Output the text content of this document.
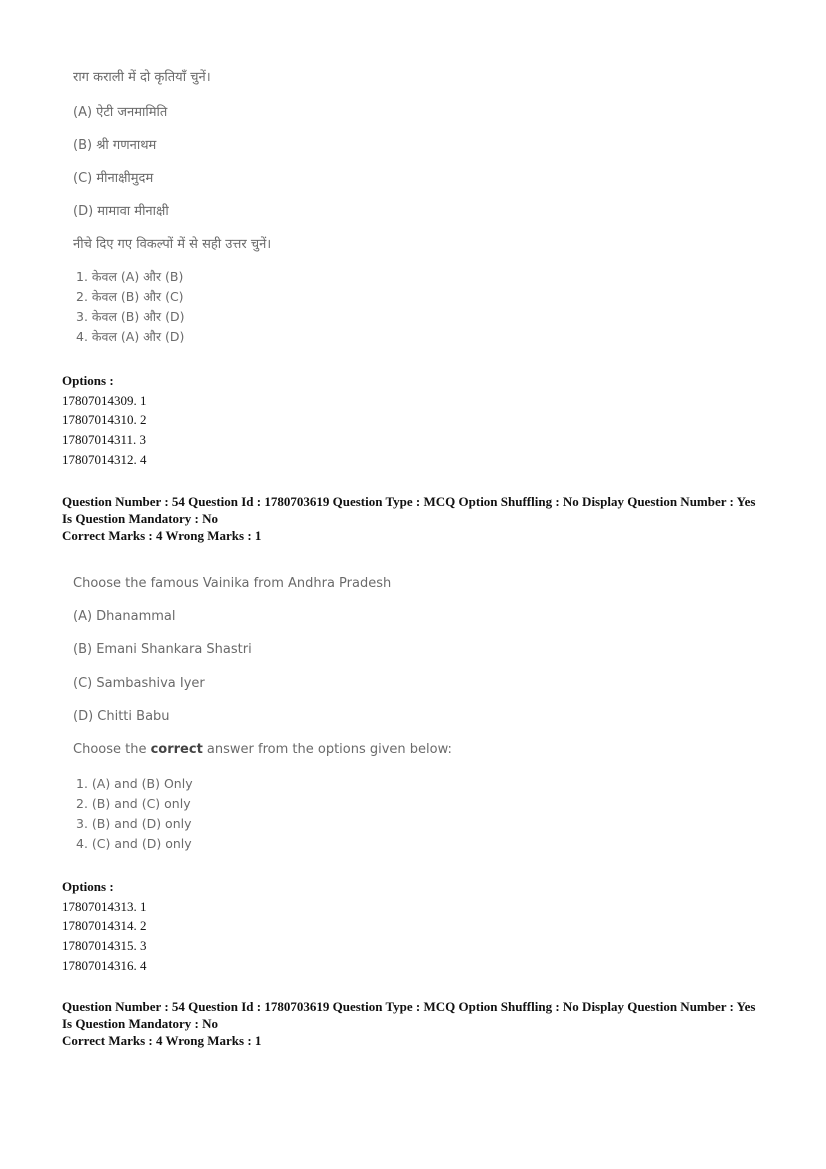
राग कराली में दो कृतियाँ चुनें।
(A) ऐटी जनमामिति
(B) श्री गणनाथम
(C) मीनाक्षीमुदम
(D) मामावा मीनाक्षी
नीचे दिए गए विकल्पों में से सही उत्तर चुनें।
1. केवल (A) और (B)
2. केवल (B) और (C)
3. केवल (B) और (D)
4. केवल (A) और (D)
Options :
17807014309. 1
17807014310. 2
17807014311. 3
17807014312. 4
Question Number : 54 Question Id : 1780703619 Question Type : MCQ Option Shuffling : No Display Question Number : Yes
Is Question Mandatory : No
Correct Marks : 4 Wrong Marks : 1
Choose the famous Vainika from Andhra Pradesh
(A) Dhanammal
(B) Emani Shankara Shastri
(C) Sambashiva Iyer
(D) Chitti Babu
Choose the correct answer from the options given below:
1. (A) and (B) Only
2. (B) and (C) only
3. (B) and (D) only
4. (C) and (D) only
Options :
17807014313. 1
17807014314. 2
17807014315. 3
17807014316. 4
Question Number : 54 Question Id : 1780703619 Question Type : MCQ Option Shuffling : No Display Question Number : Yes
Is Question Mandatory : No
Correct Marks : 4 Wrong Marks : 1
